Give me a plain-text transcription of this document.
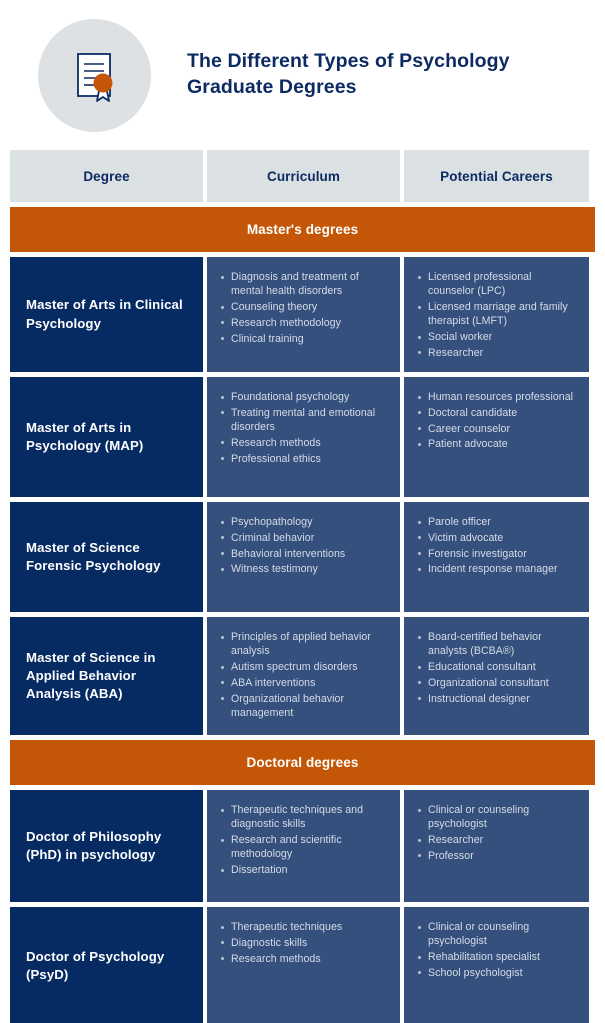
The Different Types of Psychology Graduate Degrees
Degree	Curriculum	Potential Careers
Master's degrees
Master of Arts in Clinical Psychology
Diagnosis and treatment of mental health disorders
Counseling theory
Research methodology
Clinical training
Licensed professional counselor (LPC)
Licensed marriage and family therapist (LMFT)
Social worker
Researcher
Master of Arts in Psychology (MAP)
Foundational psychology
Treating mental and emotional disorders
Research methods
Professional ethics
Human resources professional
Doctoral candidate
Career counselor
Patient advocate
Master of Science Forensic Psychology
Psychopathology
Criminal behavior
Behavioral interventions
Witness testimony
Parole officer
Victim advocate
Forensic investigator
Incident response manager
Master of Science in Applied Behavior Analysis (ABA)
Principles of applied behavior analysis
Autism spectrum disorders
ABA interventions
Organizational behavior management
Board-certified behavior analysts (BCBA®)
Educational consultant
Organizational consultant
Instructional designer
Doctoral degrees
Doctor of Philosophy (PhD) in psychology
Therapeutic techniques and diagnostic skills
Research and scientific methodology
Dissertation
Clinical or counseling psychologist
Researcher
Professor
Doctor of Psychology (PsyD)
Therapeutic techniques
Diagnostic skills
Research methods
Clinical or counseling psychologist
Rehabilitation specialist
School psychologist
